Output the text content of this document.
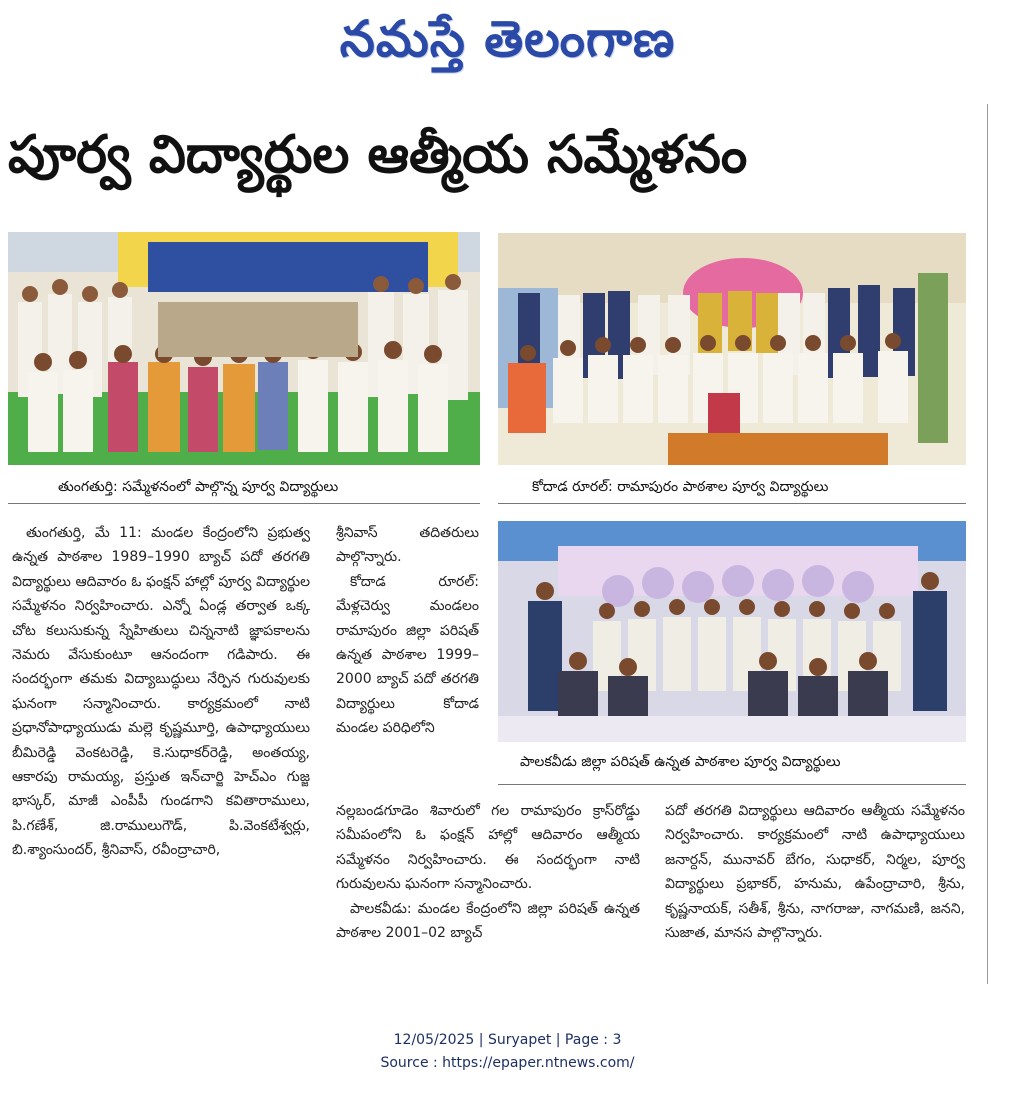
నమస్తే తెలంగాణ
పూర్వ విద్యార్థుల ఆత్మీయ సమ్మేళనం
తుంగతుర్తి: సమ్మేళనంలో పాల్గొన్న పూర్వ విద్యార్థులు	కోదాడ రూరల్: రామాపురం పాఠశాల పూర్వ విద్యార్థులు
పాలకవీడు జిల్లా పరిషత్ ఉన్నత పాఠశాల పూర్వ విద్యార్థులు

తుంగతుర్తి, మే 11: మండల కేంద్రంలోని ప్రభుత్వ ఉన్నత పాఠశాల 1989–1990 బ్యాచ్ పదో తరగతి విద్యార్థులు ఆదివారం ఓ ఫంక్షన్ హాల్లో పూర్వ విద్యార్థుల సమ్మేళనం నిర్వహించారు. ఎన్నో ఏండ్ల తర్వాత ఒక్క చోట కలుసుకున్న స్నేహితులు చిన్ననాటి జ్ఞాపకాలను నెమరు వేసుకుంటూ ఆనందంగా గడిపారు. ఈ సందర్భంగా తమకు విద్యాబుద్ధులు నేర్పిన గురువులకు ఘనంగా సన్మానించారు. కార్యక్రమంలో నాటి ప్రధానోపాధ్యాయుడు మల్లె కృష్ణమూర్తి, ఉపాధ్యాయులు బీమిరెడ్డి వెంకటరెడ్డి, కె.సుధాకర్‌రెడ్డి, అంతయ్య, ఆకారపు రామయ్య, ప్రస్తుత ఇన్‌చార్జి హెచ్‌ఎం గుజ్జ భాస్కర్, మాజీ ఎంపీపీ గుండగాని కవితారాములు, పి.గణేశ్, జి.రాములుగౌడ్, పి.వెంకటేశ్వర్లు, బి.శ్యాంసుందర్, శ్రీనివాస్, రవీంద్రాచారి,

శ్రీనివాస్ తదితరులు పాల్గొన్నారు.

కోదాడ రూరల్: మేళ్లచెర్వు మండలం రామాపురం జిల్లా పరిషత్ ఉన్నత పాఠశాల 1999–2000 బ్యాచ్ పదో తరగతి విద్యార్థులు కోదాడ మండల పరిధిలోని

నల్లబండగూడెం శివారులో గల రామాపురం క్రాస్‌రోడ్డు సమీపంలోని ఓ ఫంక్షన్ హాల్లో ఆదివారం ఆత్మీయ సమ్మేళనం నిర్వహించారు. ఈ సందర్భంగా నాటి గురువులను ఘనంగా సన్మానించారు.

పాలకవీడు: మండల కేంద్రంలోని జిల్లా పరిషత్ ఉన్నత పాఠశాల 2001–02 బ్యాచ్

పదో తరగతి విద్యార్థులు ఆదివారం ఆత్మీయ సమ్మేళనం నిర్వహించారు. కార్యక్రమంలో నాటి ఉపాధ్యాయులు జనార్దన్, మునావర్ బేగం, సుధాకర్, నిర్మల, పూర్వ విద్యార్థులు ప్రభాకర్, హనుమ, ఉపేంద్రాచారి, శ్రీను, కృష్ణనాయక్, సతీశ్, శ్రీను, నాగరాజు, నాగమణి, జనని, సుజాత, మానస పాల్గొన్నారు.

12/05/2025 | Suryapet | Page : 3
Source : https://epaper.ntnews.com/
